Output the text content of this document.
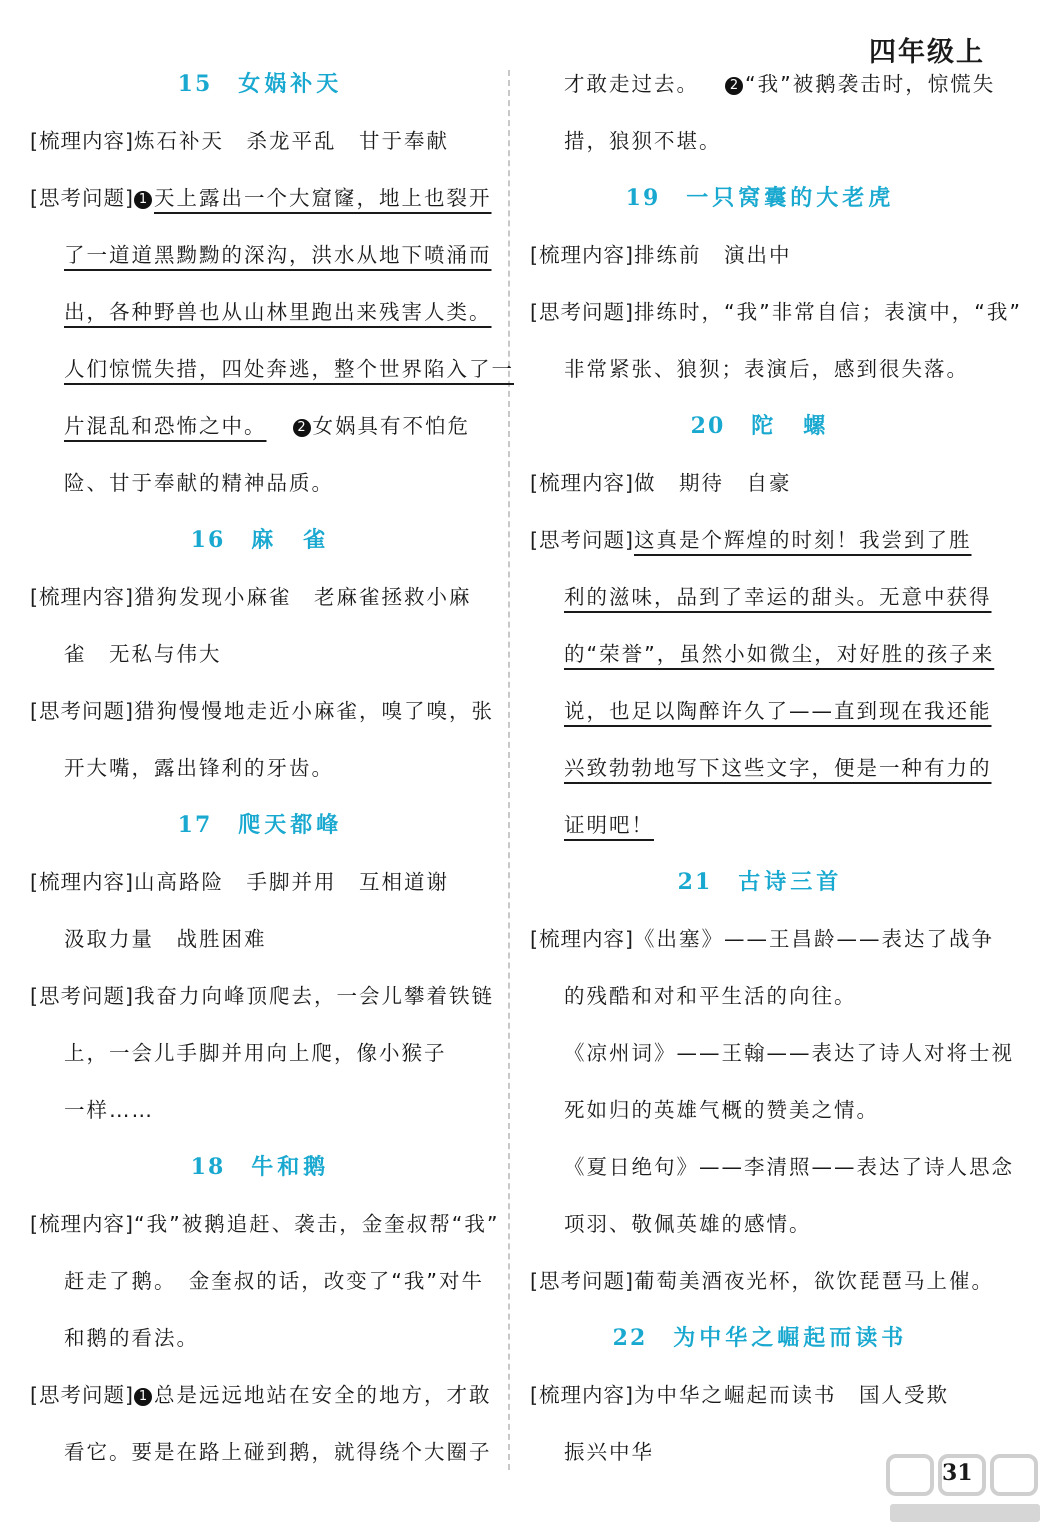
四年级上
15 女娲补天
[梳理内容]炼石补天　杀龙平乱　甘于奉献
[思考问题] 1 天上露出一个大窟窿，地上也裂开
了一道道黑黝黝的深沟，洪水从地下喷涌而
出，各种野兽也从山林里跑出来残害人类。
人们惊慌失措，四处奔逃，整个世界陷入了一
片混乱和恐怖之中。 2 女娲具有不怕危
险、甘于奉献的精神品质。
16 麻　雀
[梳理内容]猎狗发现小麻雀　老麻雀拯救小麻
雀　无私与伟大
[思考问题]猎狗慢慢地走近小麻雀，嗅了嗅，张
开大嘴，露出锋利的牙齿。
17 爬天都峰
[梳理内容]山高路险　手脚并用　互相道谢
汲取力量　战胜困难
[思考问题]我奋力向峰顶爬去，一会儿攀着铁链
上，一会儿手脚并用向上爬，像小猴子
一样……
18 牛和鹅
[梳理内容]“我”被鹅追赶、袭击，金奎叔帮“我”
赶走了鹅。　金奎叔的话，改变了“我”对牛
和鹅的看法。
[思考问题] 1 总是远远地站在安全的地方，才敢
看它。要是在路上碰到鹅，就得绕个大圈子
才敢走过去。 2 “我”被鹅袭击时，惊慌失
措，狼狈不堪。
19 一只窝囊的大老虎
[梳理内容]排练前　演出中
[思考问题]排练时，“我”非常自信；表演中，“我”
非常紧张、狼狈；表演后，感到很失落。
20 陀　螺
[梳理内容]做　期待　自豪
[思考问题]这真是个辉煌的时刻！我尝到了胜
利的滋味，品到了幸运的甜头。无意中获得
的“荣誉”，虽然小如微尘，对好胜的孩子来
说，也足以陶醉许久了——直到现在我还能
兴致勃勃地写下这些文字，便是一种有力的
证明吧！
21 古诗三首
[梳理内容]《出塞》——王昌龄——表达了战争
的残酷和对和平生活的向往。
《凉州词》——王翰——表达了诗人对将士视
死如归的英雄气概的赞美之情。
《夏日绝句》——李清照——表达了诗人思念
项羽、敬佩英雄的感情。
[思考问题]葡萄美酒夜光杯，欲饮琵琶马上催。
22 为中华之崛起而读书
[梳理内容]为中华之崛起而读书　国人受欺
振兴中华
31
